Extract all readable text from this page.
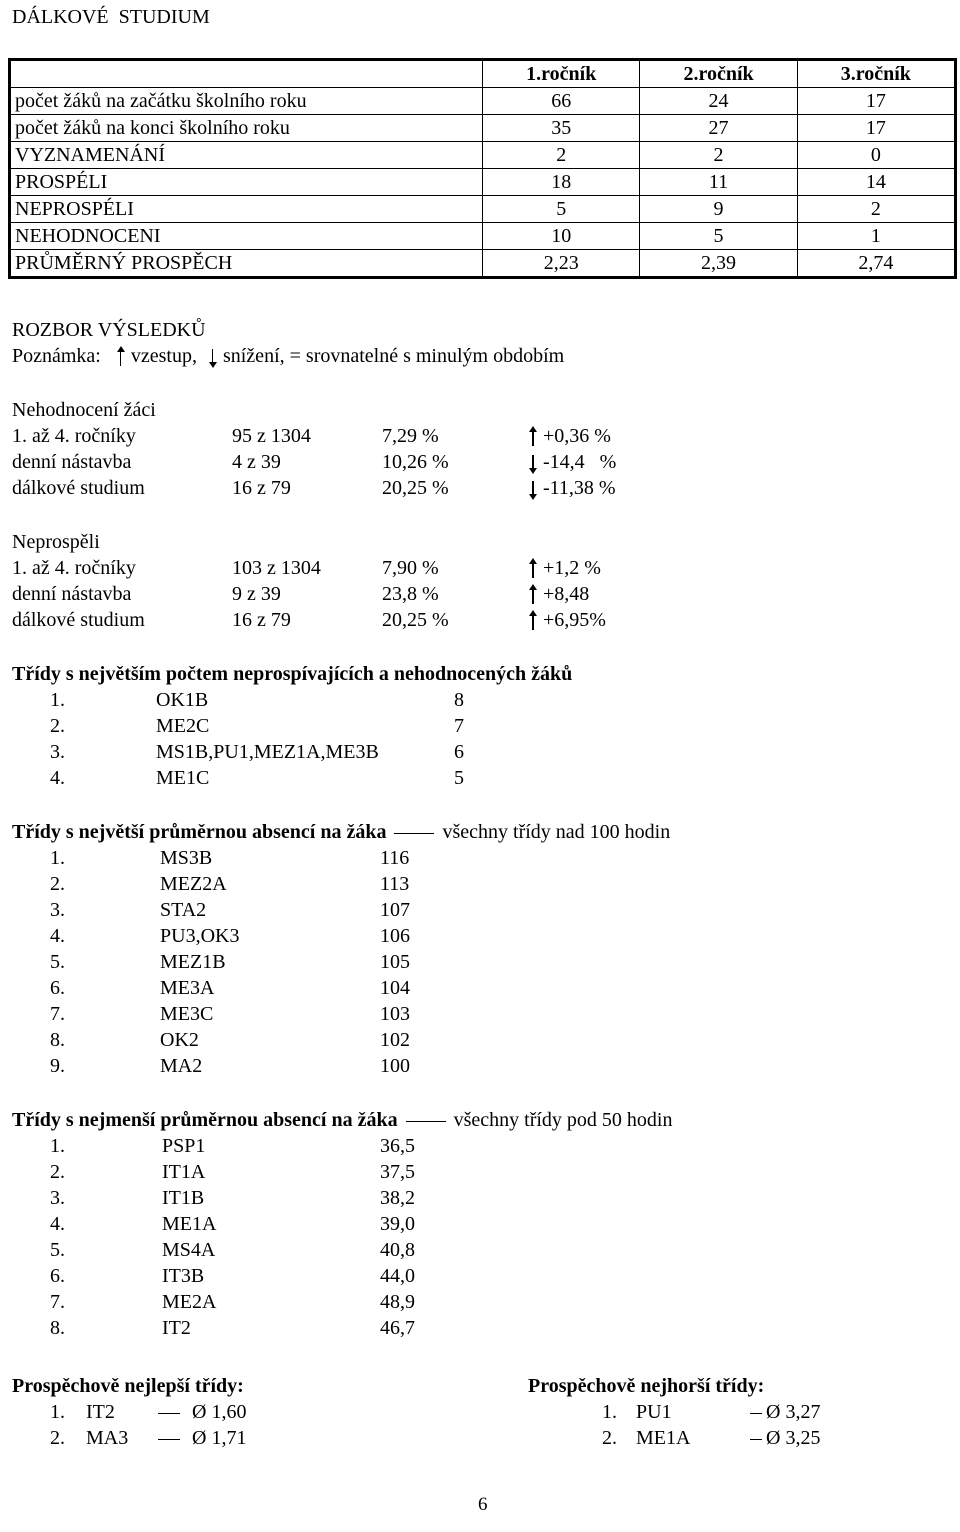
DÁLKOVÉ  STUDIUM
	1.ročník	2.ročník	3.ročník
počet žáků na začátku školního roku	66	24	17
počet žáků na konci školního roku	35	27	17
VYZNAMENÁNÍ	2	2	0
PROSPÉLI	18	11	14
NEPROSPÉLI	5	9	2
NEHODNOCENI	10	5	1
PRŮMĚRNÝ PROSPĚCH	2,23	2,39	2,74
ROZBOR VÝSLEDKŮ
Poznámka: vzestup, snížení, = srovnatelné s minulým obdobím
Nehodnocení žáci
1. až 4. ročníky	95 z 1304	7,29 %	+0,36 %
denní nástavba	4 z 39	10,26 %	-14,4   %
dálkové studium	16 z 79	20,25 %	-11,38 %
Neprospěli
1. až 4. ročníky	103 z 1304	7,90 %	+1,2 %
denní nástavba	9 z 39	23,8 %	+8,48
dálkové studium	16 z 79	20,25 %	+6,95%
Třídy s největším počtem neprospívajících a nehodnocených žáků
1.	OK1B	8
2.	ME2C	7
3.	MS1B,PU1,MEZ1A,ME3B	6
4.	ME1C	5
Třídy s největší průměrnou absencí na žáka	všechny třídy nad 100 hodin
1.	MS3B	116
2.	MEZ2A	113
3.	STA2	107
4.	PU3,OK3	106
5.	MEZ1B	105
6.	ME3A	104
7.	ME3C	103
8.	OK2	102
9.	MA2	100
Třídy s nejmenší průměrnou absencí na žáka	všechny třídy pod 50 hodin
1.	PSP1	36,5
2.	IT1A	37,5
3.	IT1B	38,2
4.	ME1A	39,0
5.	MS4A	40,8
6.	IT3B	44,0
7.	ME2A	48,9
8.	IT2	46,7
Prospěchově nejlepší třídy:
1. IT2	Ø 1,60
2. MA3	Ø 1,71
Prospěchově nejhorší třídy:
1. PU1	Ø 3,27
2. ME1A	Ø 3,25
6
